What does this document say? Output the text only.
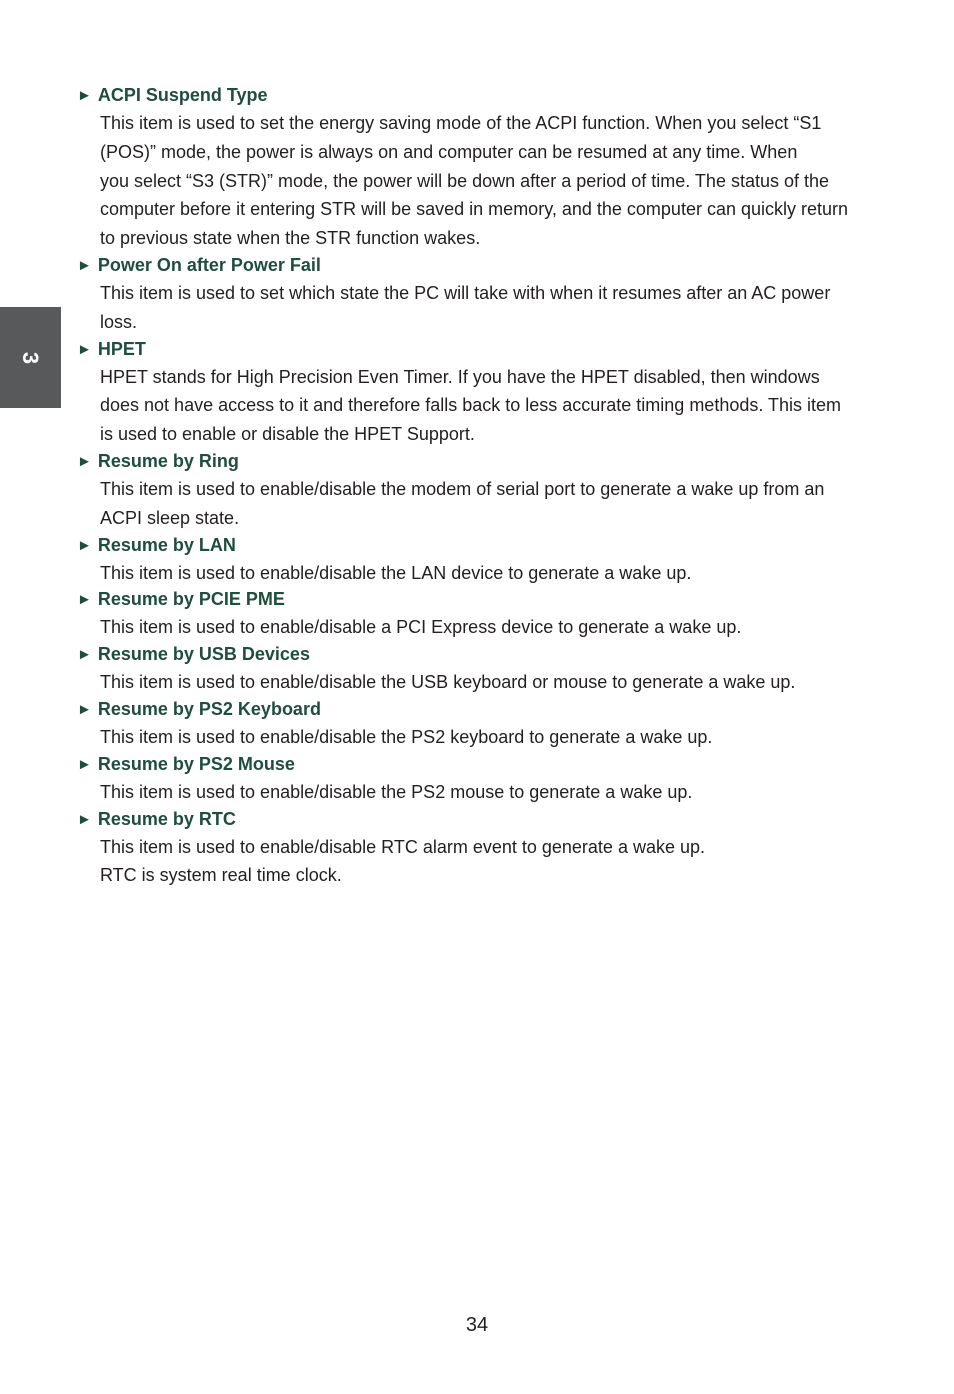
3
► ACPI Suspend Type
This item is used to set the energy saving mode of the ACPI function. When you select “S1
(POS)” mode, the power is always on and computer can be resumed at any time. When
you select “S3 (STR)” mode, the power will be down after a period of time. The status of the
computer before it entering STR will be saved in memory, and the computer can quickly return
to previous state when the STR function wakes.
► Power On after Power Fail
This item is used to set which state the PC will take with when it resumes after an AC power
loss.
► HPET
HPET stands for High Precision Even Timer. If you have the HPET disabled, then windows
does not have access to it and therefore falls back to less accurate timing methods. This item
is used to enable or disable the HPET Support.
► Resume by Ring
This item is used to enable/disable the modem of serial port to generate a wake up from an
ACPI sleep state.
► Resume by LAN
This item is used to enable/disable the LAN device to generate a wake up.
► Resume by PCIE PME
This item is used to enable/disable a PCI Express device to generate a wake up.
► Resume by USB Devices
This item is used to enable/disable the USB keyboard or mouse to generate a wake up.
► Resume by PS2 Keyboard
This item is used to enable/disable the PS2 keyboard to generate a wake up.
► Resume by PS2 Mouse
This item is used to enable/disable the PS2 mouse to generate a wake up.
► Resume by RTC
This item is used to enable/disable RTC alarm event to generate a wake up.
RTC is system real time clock.
34
